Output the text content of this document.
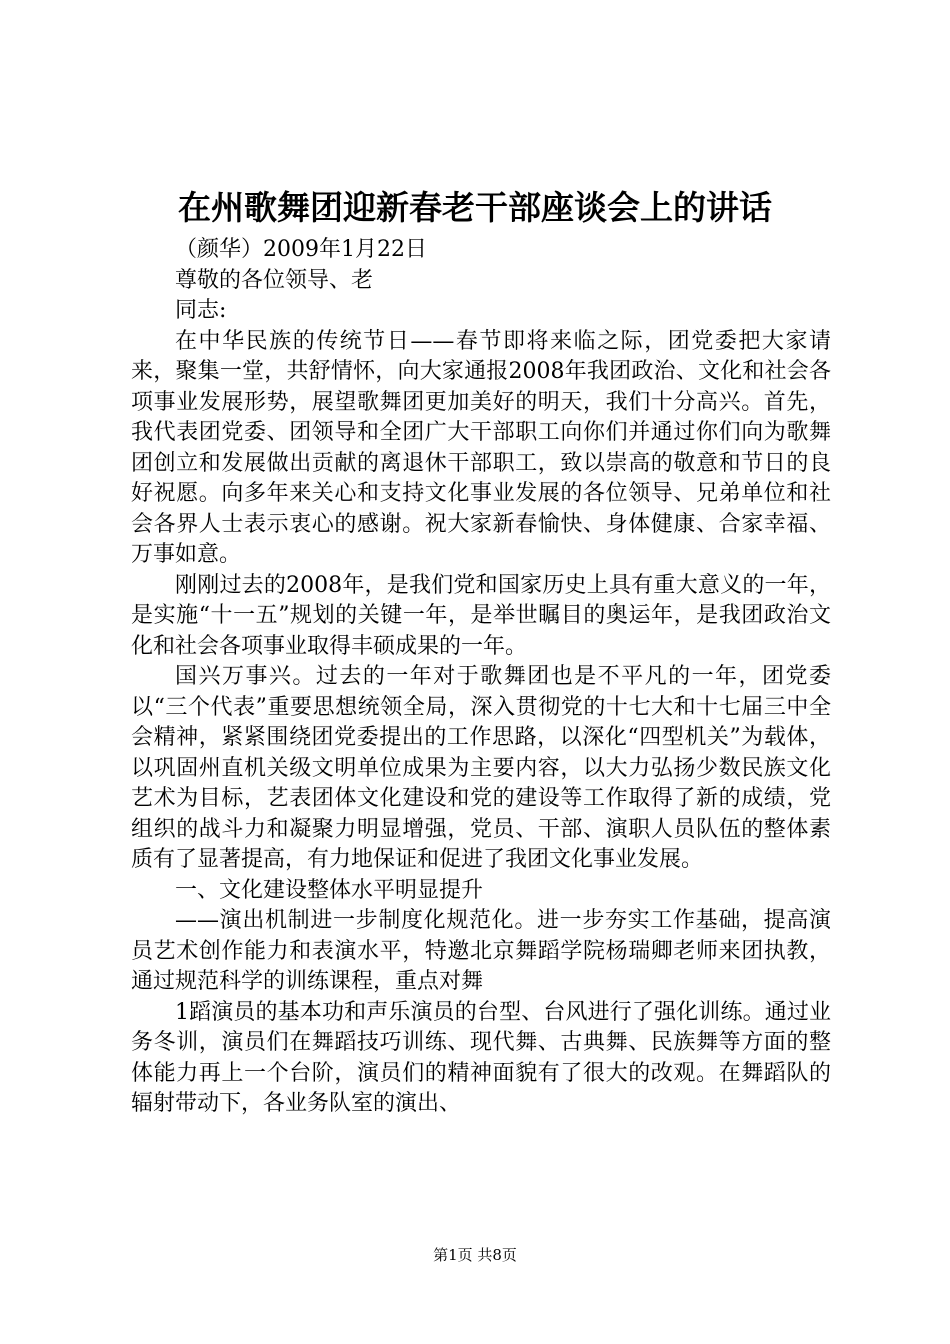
在州歌舞团迎新春老干部座谈会上的讲话

（颜华）2009年1月22日

尊敬的各位领导、老

同志:

在中华民族的传统节日——春节即将来临之际，团党委把大家请来，聚集一堂，共舒情怀，向大家通报2008年我团政治、文化和社会各项事业发展形势，展望歌舞团更加美好的明天，我们十分高兴。首先，我代表团党委、团领导和全团广大干部职工向你们并通过你们向为歌舞团创立和发展做出贡献的离退休干部职工，致以崇高的敬意和节日的良好祝愿。向多年来关心和支持文化事业发展的各位领导、兄弟单位和社会各界人士表示衷心的感谢。祝大家新春愉快、身体健康、合家幸福、万事如意。

刚刚过去的2008年，是我们党和国家历史上具有重大意义的一年，是实施“十一五”规划的关键一年，是举世瞩目的奥运年，是我团政治文化和社会各项事业取得丰硕成果的一年。

国兴万事兴。过去的一年对于歌舞团也是不平凡的一年，团党委以“三个代表”重要思想统领全局，深入贯彻党的十七大和十七届三中全会精神，紧紧围绕团党委提出的工作思路，以深化“四型机关”为载体，以巩固州直机关级文明单位成果为主要内容，以大力弘扬少数民族文化艺术为目标，艺表团体文化建设和党的建设等工作取得了新的成绩，党组织的战斗力和凝聚力明显增强，党员、干部、演职人员队伍的整体素质有了显著提高，有力地保证和促进了我团文化事业发展。

一、文化建设整体水平明显提升

——演出机制进一步制度化规范化。进一步夯实工作基础，提高演员艺术创作能力和表演水平，特邀北京舞蹈学院杨瑞卿老师来团执教，通过规范科学的训练课程，重点对舞

1蹈演员的基本功和声乐演员的台型、台风进行了强化训练。通过业务冬训，演员们在舞蹈技巧训练、现代舞、古典舞、民族舞等方面的整体能力再上一个台阶，演员们的精神面貌有了很大的改观。在舞蹈队的辐射带动下，各业务队室的演出、

第1页 共8页
